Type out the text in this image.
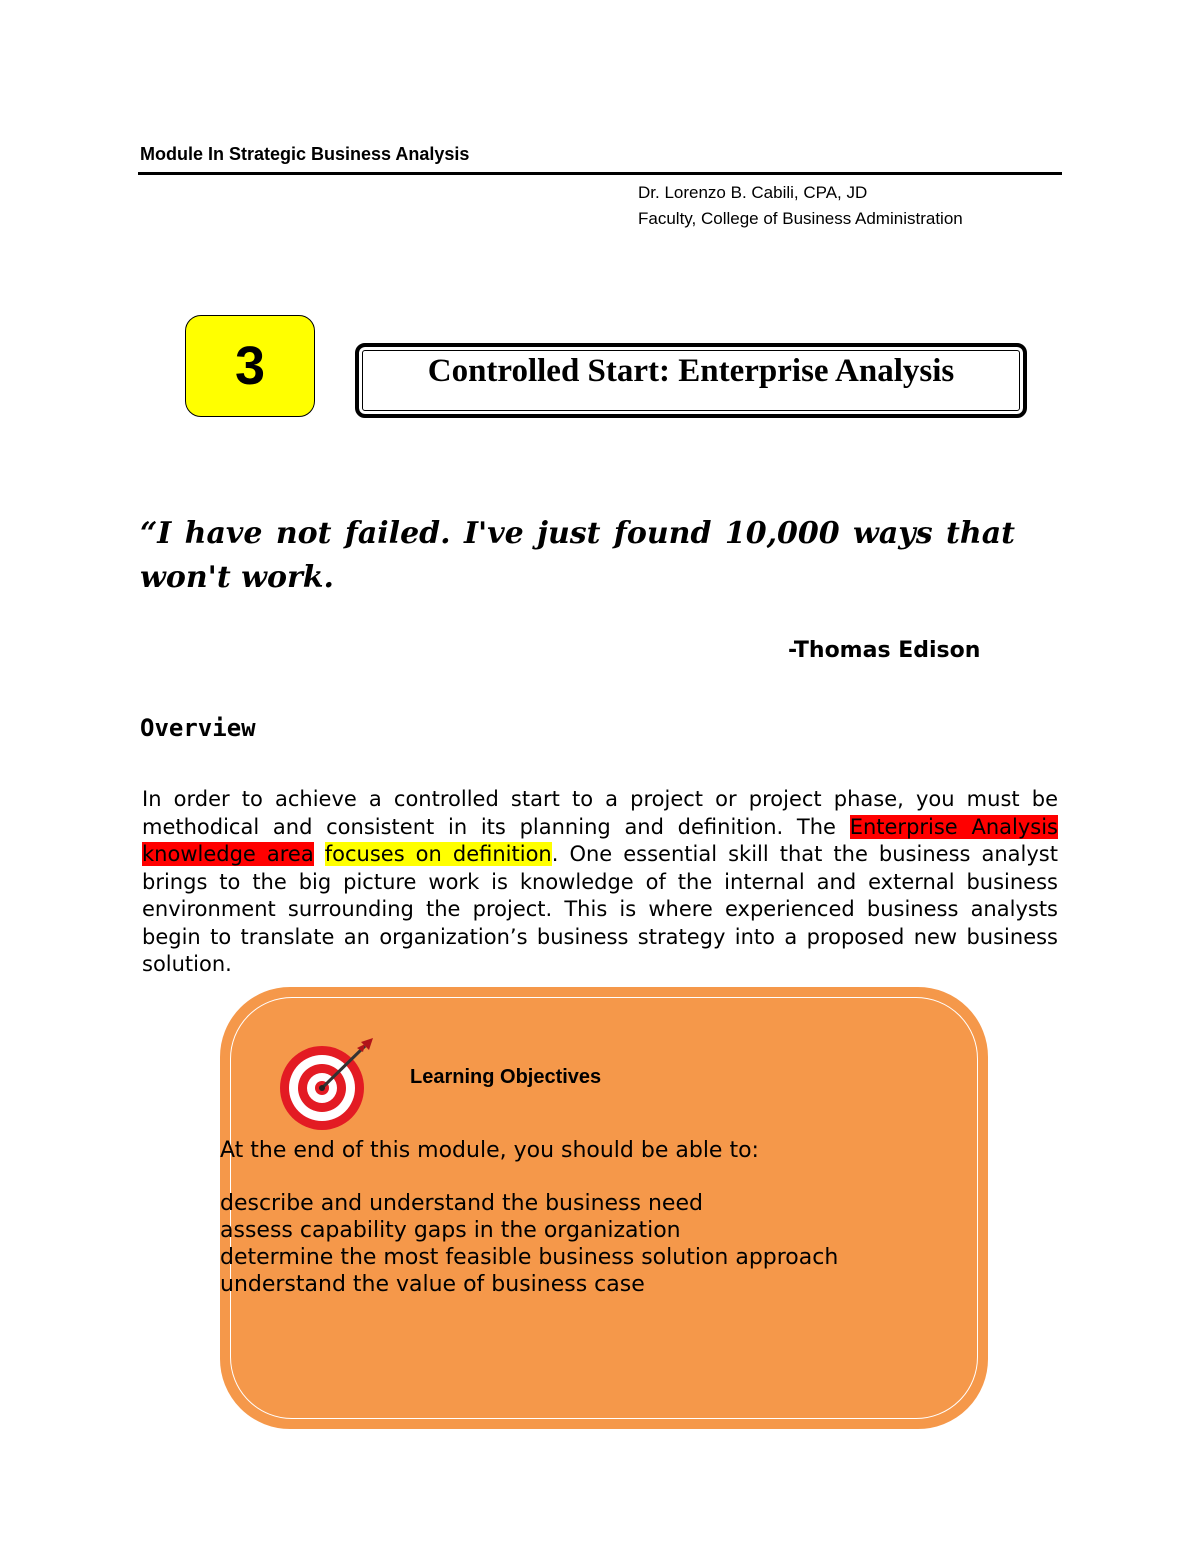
Module In Strategic Business Analysis
Dr. Lorenzo B. Cabili, CPA, JD
Faculty, College of Business Administration
3	Controlled Start: Enterprise Analysis
“I have not failed. I've just found 10,000 ways that won't work.
-Thomas Edison
Overview
In order to achieve a controlled start to a project or project phase, you must be methodical and consistent in its planning and definition. The Enterprise Analysis knowledge area focuses on definition. One essential skill that the business analyst brings to the big picture work is knowledge of the internal and external business environment surrounding the project. This is where experienced business analysts begin to translate an organization’s business strategy into a proposed new business solution.
Learning Objectives
At the end of this module, you should be able to:
describe and understand the business need
assess capability gaps in the organization
determine the most feasible business solution approach
understand the value of business case
